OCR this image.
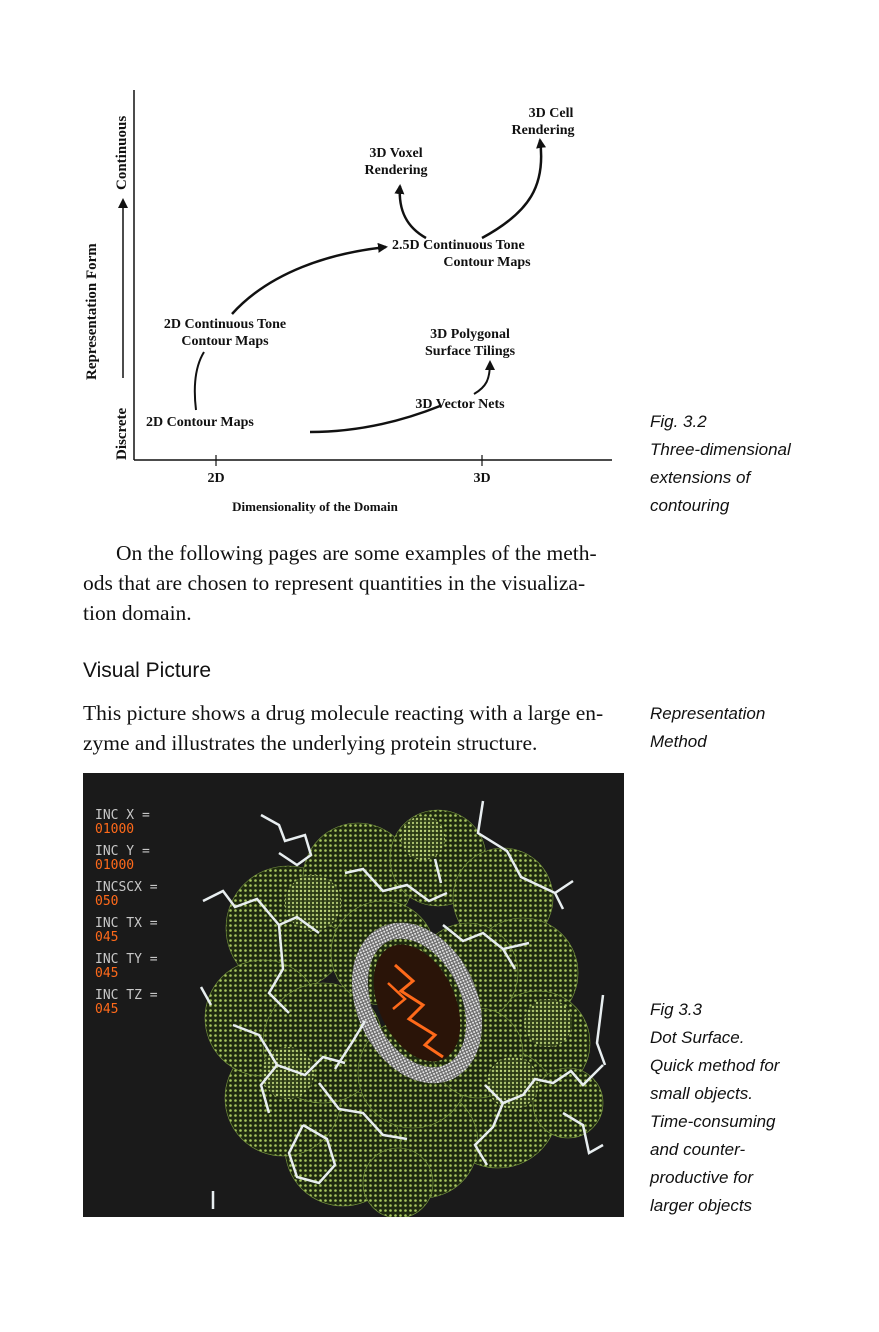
Representation Form
Discrete
Continuous
2D	3D
Dimensionality of the Domain
2D Contour Maps
2D Continuous Tone
Contour Maps
2.5D Continuous Tone
Contour Maps
3D Voxel
Rendering
3D Cell
Rendering
3D Polygonal
Surface Tilings
3D Vector Nets
Fig. 3.2
Three-dimensional
extensions of
contouring
On the following pages are some examples of the meth-
ods that are chosen to represent quantities in the visualiza-
tion domain.
Visual Picture
This picture shows a drug molecule reacting with a large en-
zyme and illustrates the underlying protein structure.
Representation
Method
INC X =
01000
INC Y =
01000
INCSCX =
050
INC TX =
045
INC TY =
045
INC TZ =
045	Fig 3.3
Dot Surface.
Quick method for
small objects.
Time-consuming
and counter-
productive for
larger objects
